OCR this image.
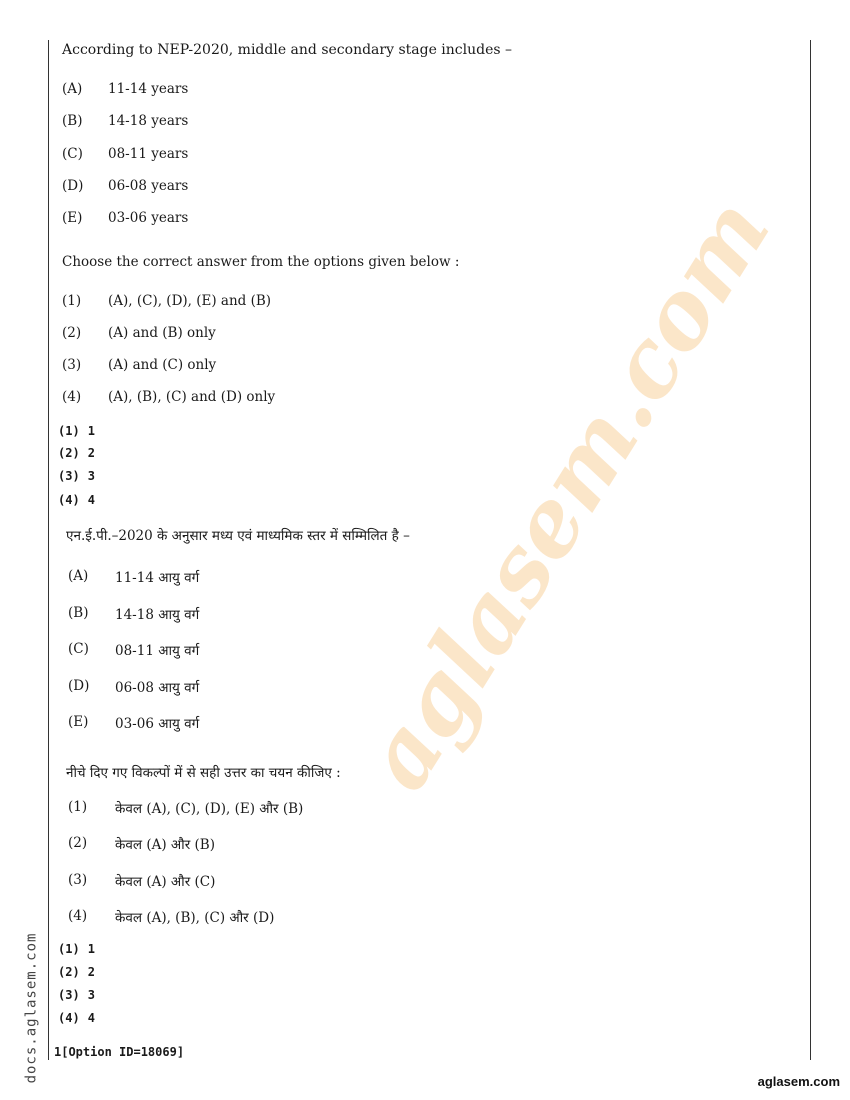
aglasem.com
According to NEP-2020, middle and secondary stage includes –
(A) 11-14 years
(B) 14-18 years
(C) 08-11 years
(D) 06-08 years
(E) 03-06 years
Choose the correct answer from the options given below :
(1) (A), (C), (D), (E) and (B)
(2) (A) and (B) only
(3) (A) and (C) only
(4) (A), (B), (C) and (D) only
(1) 1
(2) 2
(3) 3
(4) 4
एन.ई.पी.–2020 के अनुसार मध्य एवं माध्यमिक स्तर में सम्मिलित है –
(A) 11-14 आयु वर्ग
(B) 14-18 आयु वर्ग
(C) 08-11 आयु वर्ग
(D) 06-08 आयु वर्ग
(E) 03-06 आयु वर्ग
नीचे दिए गए विकल्पों में से सही उत्तर का चयन कीजिए :
(1) केवल (A), (C), (D), (E) और (B)
(2) केवल (A) और (B)
(3) केवल (A) और (C)
(4) केवल (A), (B), (C) और (D)
(1) 1
(2) 2
(3) 3
(4) 4
1[Option ID=18069]
docs.aglasem.com	aglasem.com
